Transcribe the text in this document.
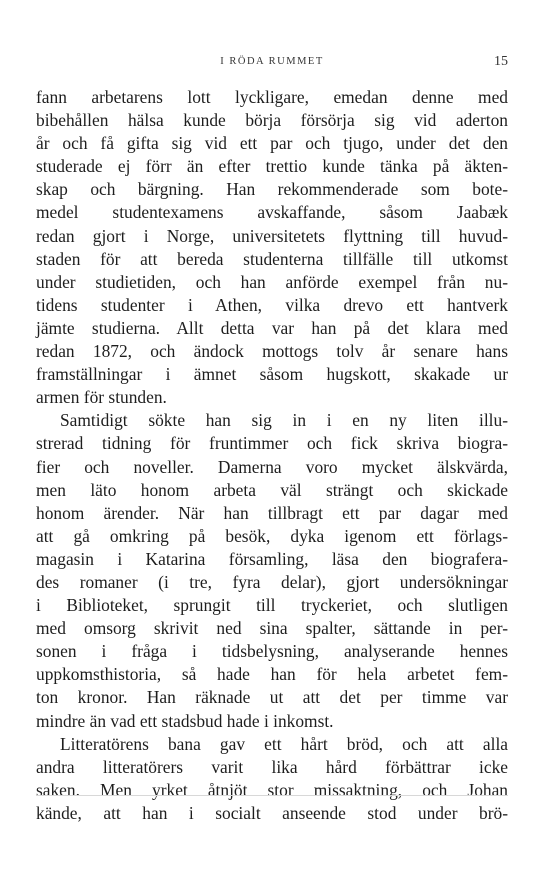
I RÖDA RUMMET	15
fann arbetarens lott lyckligare, emedan denne med
bibehållen hälsa kunde börja försörja sig vid aderton
år och få gifta sig vid ett par och tjugo, under det den
studerade ej förr än efter trettio kunde tänka på äkten-
skap och bärgning. Han rekommenderade som bote-
medel studentexamens avskaffande, såsom Jaabæk
redan gjort i Norge, universitetets flyttning till huvud-
staden för att bereda studenterna tillfälle till utkomst
under studietiden, och han anförde exempel från nu-
tidens studenter i Athen, vilka drevo ett hantverk
jämte studierna. Allt detta var han på det klara med
redan 1872, och ändock mottogs tolv år senare hans
framställningar i ämnet såsom hugskott, skakade ur
armen för stunden.
Samtidigt sökte han sig in i en ny liten illu-
strerad tidning för fruntimmer och fick skriva biogra-
fier och noveller. Damerna voro mycket älskvärda,
men läto honom arbeta väl strängt och skickade
honom ärender. När han tillbragt ett par dagar med
att gå omkring på besök, dyka igenom ett förlags-
magasin i Katarina församling, läsa den biografera-
des romaner (i tre, fyra delar), gjort undersökningar
i Biblioteket, sprungit till tryckeriet, och slutligen
med omsorg skrivit ned sina spalter, sättande in per-
sonen i fråga i tidsbelysning, analyserande hennes
uppkomsthistoria, så hade han för hela arbetet fem-
ton kronor. Han räknade ut att det per timme var
mindre än vad ett stadsbud hade i inkomst.
Litteratörens bana gav ett hårt bröd, och att alla
andra litteratörers varit lika hård förbättrar icke
saken. Men yrket åtnjöt stor missaktning, och Johan
kände, att han i socialt anseende stod under brö-
